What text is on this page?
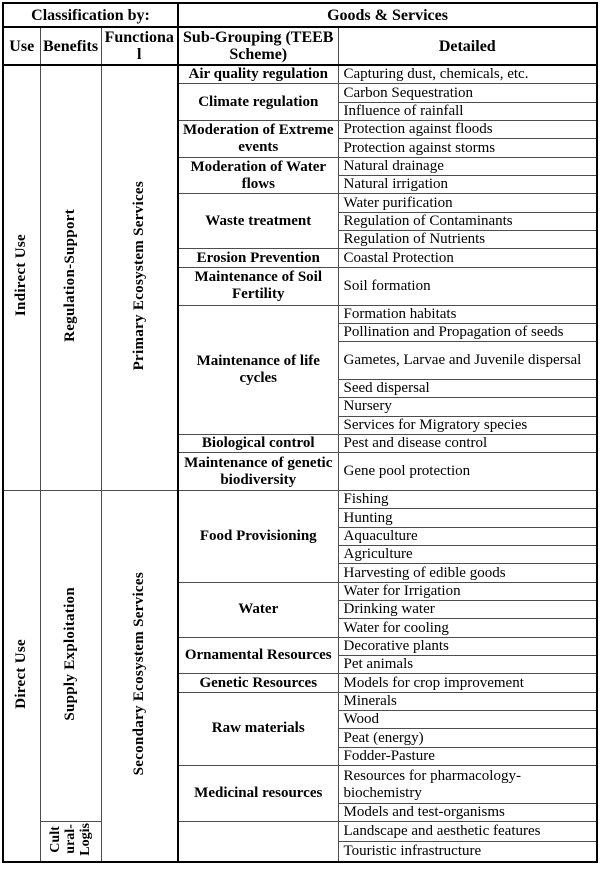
Classification by:			Goods & Services	
Use	Benefits	Functional	Sub-Grouping (TEEB Scheme)	Detailed
Indirect Use	Regulation-Support	Primary Ecosystem Services	Air quality regulation	Capturing dust, chemicals, etc.
			Climate regulation	Carbon Sequestration
				Influence of rainfall
			Moderation of Extreme events	Protection against floods
				Protection against storms
			Moderation of Water flows	Natural drainage
				Natural irrigation
			Waste treatment	Water purification
				Regulation of Contaminants
				Regulation of Nutrients
			Erosion Prevention	Coastal Protection
			Maintenance of Soil Fertility	Soil formation
			Maintenance of life cycles	Formation habitats
				Pollination and Propagation of seeds
				Gametes, Larvae and Juvenile dispersal
				Seed dispersal
				Nursery
				Services for Migratory species
			Biological control	Pest and disease control
			Maintenance of genetic biodiversity	Gene pool protection
Direct Use	Supply Exploitation	Secondary Ecosystem Services	Food Provisioning	Fishing
				Hunting
				Aquaculture
				Agriculture
				Harvesting of edible goods
			Water	Water for Irrigation
				Drinking water
				Water for cooling
			Ornamental Resources	Decorative plants
				Pet animals
			Genetic Resources	Models for crop improvement
			Raw materials	Minerals
				Wood
				Peat (energy)
				Fodder-Pasture
			Medicinal resources	Resources for pharmacology-biochemistry
				Models and test-organisms

	Cult ural- Logis			Landscape and aesthetic features
				Touristic infrastructure
